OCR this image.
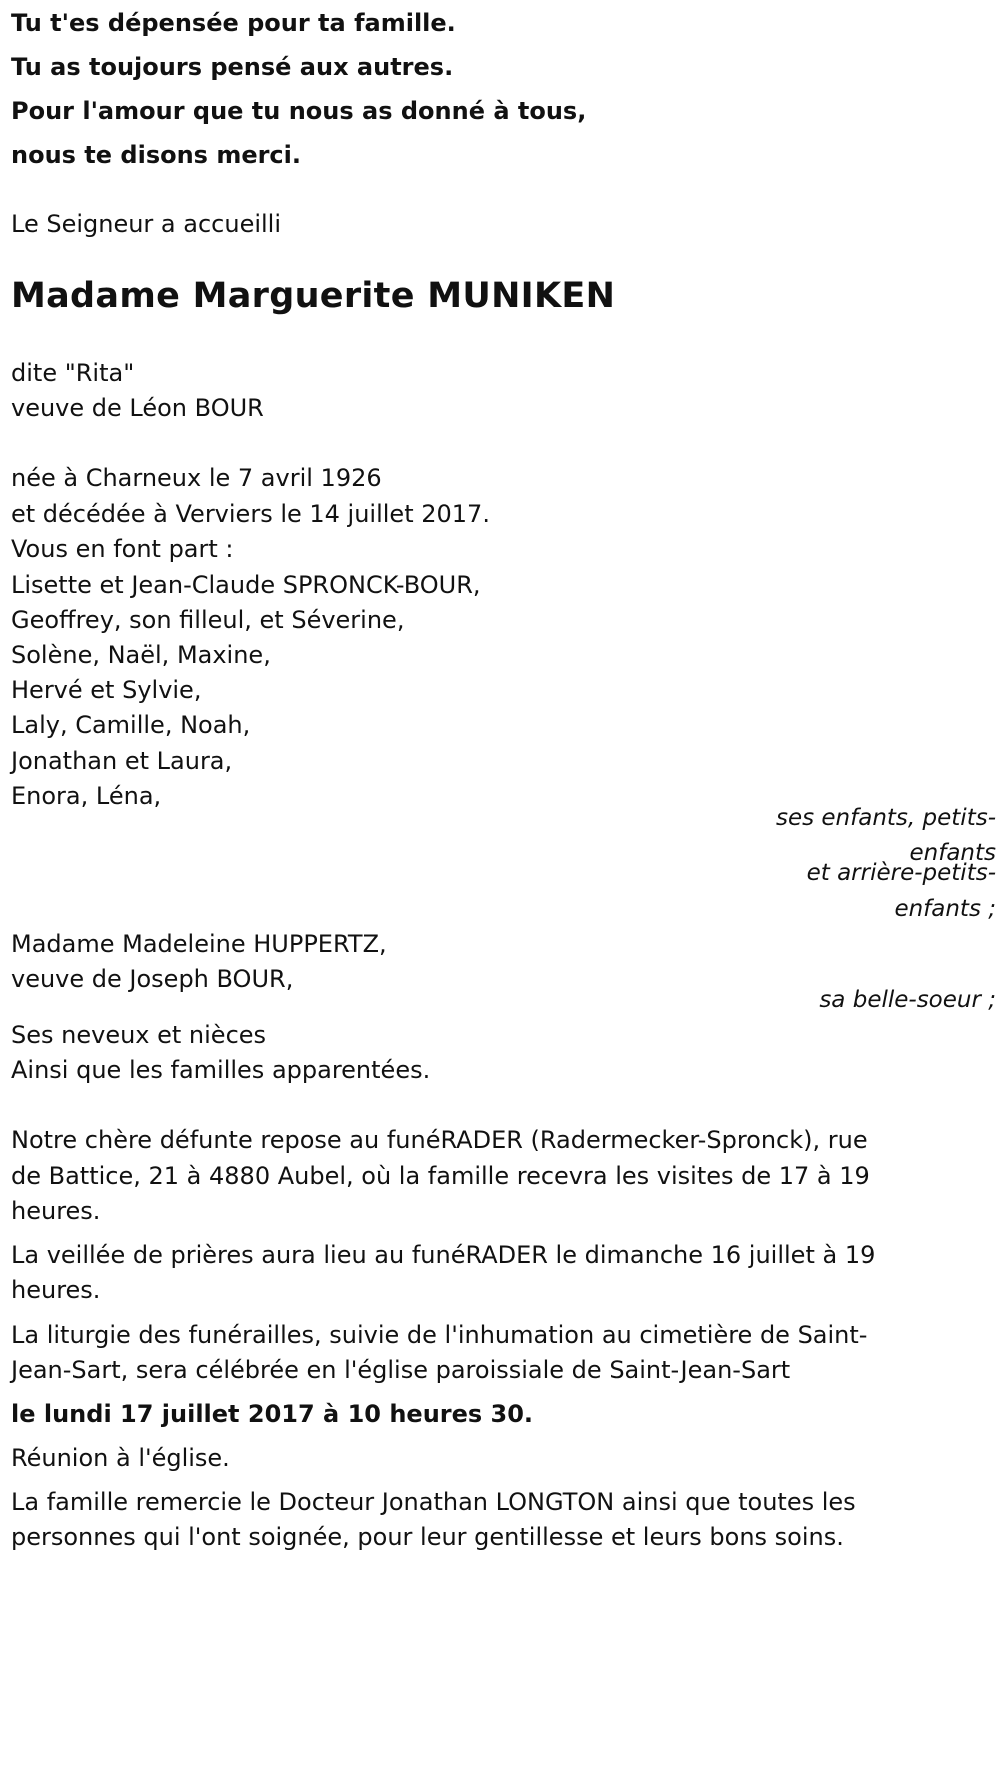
Tu t'es dépensée pour ta famille.
Tu as toujours pensé aux autres.
Pour l'amour que tu nous as donné à tous,
nous te disons merci.
Le Seigneur a accueilli
Madame Marguerite MUNIKEN
dite "Rita"
veuve de Léon BOUR
née à Charneux le 7 avril 1926
et décédée à Verviers le 14 juillet 2017.
Vous en font part :
Lisette et Jean-Claude SPRONCK-BOUR,
Geoffrey, son filleul, et Séverine,
Solène, Naël, Maxine,
Hervé et Sylvie,
Laly, Camille, Noah,
Jonathan et Laura,
Enora, Léna,
ses enfants, petits-
enfants
et arrière-petits-
enfants ;
Madame Madeleine HUPPERTZ,
veuve de Joseph BOUR,
sa belle-soeur ;
Ses neveux et nièces
Ainsi que les familles apparentées.
Notre chère défunte repose au funéRADER (Radermecker-Spronck), rue
de Battice, 21 à 4880 Aubel, où la famille recevra les visites de 17 à 19
heures.
La veillée de prières aura lieu au funéRADER le dimanche 16 juillet à 19
heures.
La liturgie des funérailles, suivie de l'inhumation au cimetière de Saint-
Jean-Sart, sera célébrée en l'église paroissiale de Saint-Jean-Sart
le lundi 17 juillet 2017 à 10 heures 30.
Réunion à l'église.
La famille remercie le Docteur Jonathan LONGTON ainsi que toutes les
personnes qui l'ont soignée, pour leur gentillesse et leurs bons soins.
